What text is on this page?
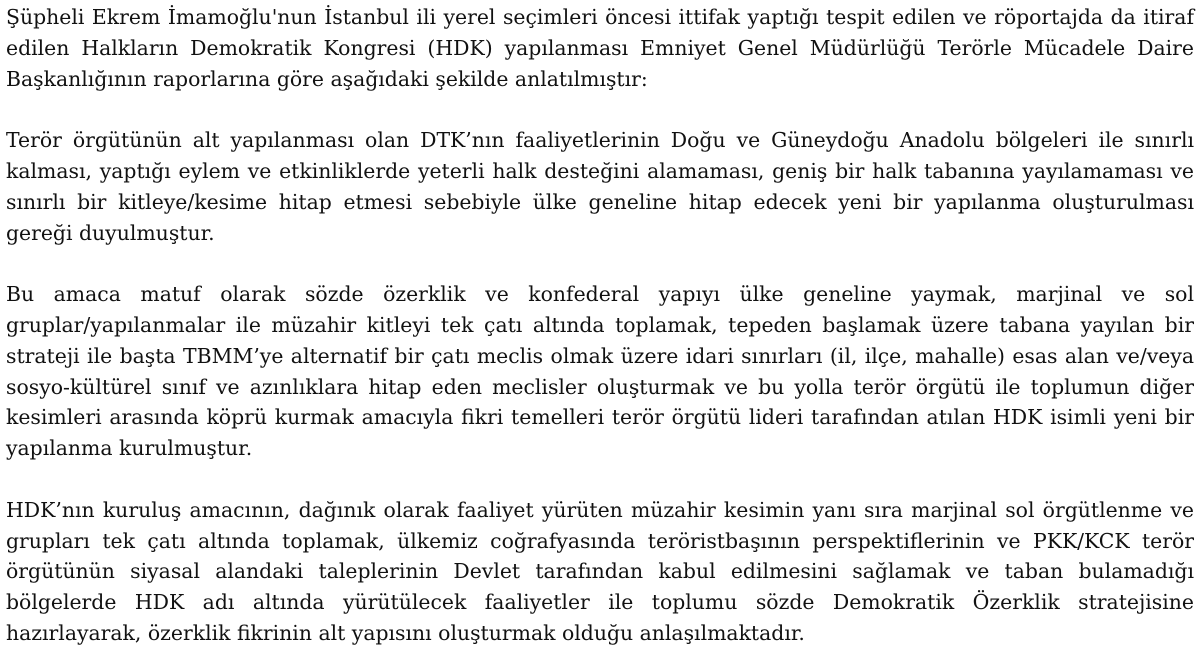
Şüpheli Ekrem İmamoğlu'nun İstanbul ili yerel seçimleri öncesi ittifak yaptığı tespit edilen ve röportajda da itiraf edilen Halkların Demokratik Kongresi (HDK) yapılanması Emniyet Genel Müdürlüğü Terörle Mücadele Daire Başkanlığının raporlarına göre aşağıdaki şekilde anlatılmıştır:

Terör örgütünün alt yapılanması olan DTK’nın faaliyetlerinin Doğu ve Güneydoğu Anadolu bölgeleri ile sınırlı kalması, yaptığı eylem ve etkinliklerde yeterli halk desteğini alamaması, geniş bir halk tabanına yayılamaması ve sınırlı bir kitleye/kesime hitap etmesi sebebiyle ülke geneline hitap edecek yeni bir yapılanma oluşturulması gereği duyulmuştur.

Bu amaca matuf olarak sözde özerklik ve konfederal yapıyı ülke geneline yaymak, marjinal ve sol gruplar/yapılanmalar ile müzahir kitleyi tek çatı altında toplamak, tepeden başlamak üzere tabana yayılan bir strateji ile başta TBMM’ye alternatif bir çatı meclis olmak üzere idari sınırları (il, ilçe, mahalle) esas alan ve/veya sosyo-kültürel sınıf ve azınlıklara hitap eden meclisler oluşturmak ve bu yolla terör örgütü ile toplumun diğer kesimleri arasında köprü kurmak amacıyla fikri temelleri terör örgütü lideri tarafından atılan HDK isimli yeni bir yapılanma kurulmuştur.

HDK’nın kuruluş amacının, dağınık olarak faaliyet yürüten müzahir kesimin yanı sıra marjinal sol örgütlenme ve grupları tek çatı altında toplamak, ülkemiz coğrafyasında teröristbaşının perspektiflerinin ve PKK/KCK terör örgütünün siyasal alandaki taleplerinin Devlet tarafından kabul edilmesini sağlamak ve taban bulamadığı bölgelerde HDK adı altında yürütülecek faaliyetler ile toplumu sözde Demokratik Özerklik stratejisine hazırlayarak, özerklik fikrinin alt yapısını oluşturmak olduğu anlaşılmaktadır.
